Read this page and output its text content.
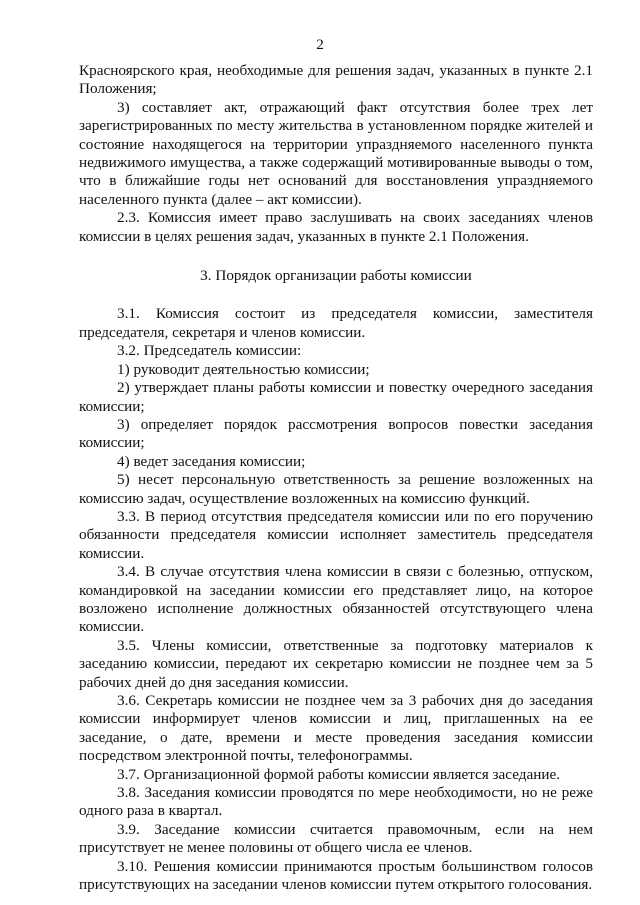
2

Красноярского края, необходимые для решения задач, указанных в пункте 2.1 Положения;

3) составляет акт, отражающий факт отсутствия более трех лет зарегистрированных по месту жительства в установленном порядке жителей и состояние находящегося на территории упраздняемого населенного пункта недвижимого имущества, а также содержащий мотивированные выводы о том, что в ближайшие годы нет оснований для восстановления упраздняемого населенного пункта (далее – акт комиссии).

2.3. Комиссия имеет право заслушивать на своих заседаниях членов комиссии в целях решения задач, указанных в пункте 2.1 Положения.

3. Порядок организации работы комиссии

3.1. Комиссия состоит из председателя комиссии, заместителя председателя, секретаря и членов комиссии.

3.2. Председатель комиссии:

1) руководит деятельностью комиссии;

2) утверждает планы работы комиссии и повестку очередного заседания комиссии;

3) определяет порядок рассмотрения вопросов повестки заседания комиссии;

4) ведет заседания комиссии;

5) несет персональную ответственность за решение возложенных на комиссию задач, осуществление возложенных на комиссию функций.

3.3. В период отсутствия председателя комиссии или по его поручению обязанности председателя комиссии исполняет заместитель председателя комиссии.

3.4. В случае отсутствия члена комиссии в связи с болезнью, отпуском, командировкой на заседании комиссии его представляет лицо, на которое возложено исполнение должностных обязанностей отсутствующего члена комиссии.

3.5. Члены комиссии, ответственные за подготовку материалов к заседанию комиссии, передают их секретарю комиссии не позднее чем за 5 рабочих дней до дня заседания комиссии.

3.6. Секретарь комиссии не позднее чем за 3 рабочих дня до заседания комиссии информирует членов комиссии и лиц, приглашенных на ее заседание, о дате, времени и месте проведения заседания комиссии посредством электронной почты, телефонограммы.

3.7. Организационной формой работы комиссии является заседание.

3.8. Заседания комиссии проводятся по мере необходимости, но не реже одного раза в квартал.

3.9. Заседание комиссии считается правомочным, если на нем присутствует не менее половины от общего числа ее членов.

3.10. Решения комиссии принимаются простым большинством голосов присутствующих на заседании членов комиссии путем открытого голосования.
